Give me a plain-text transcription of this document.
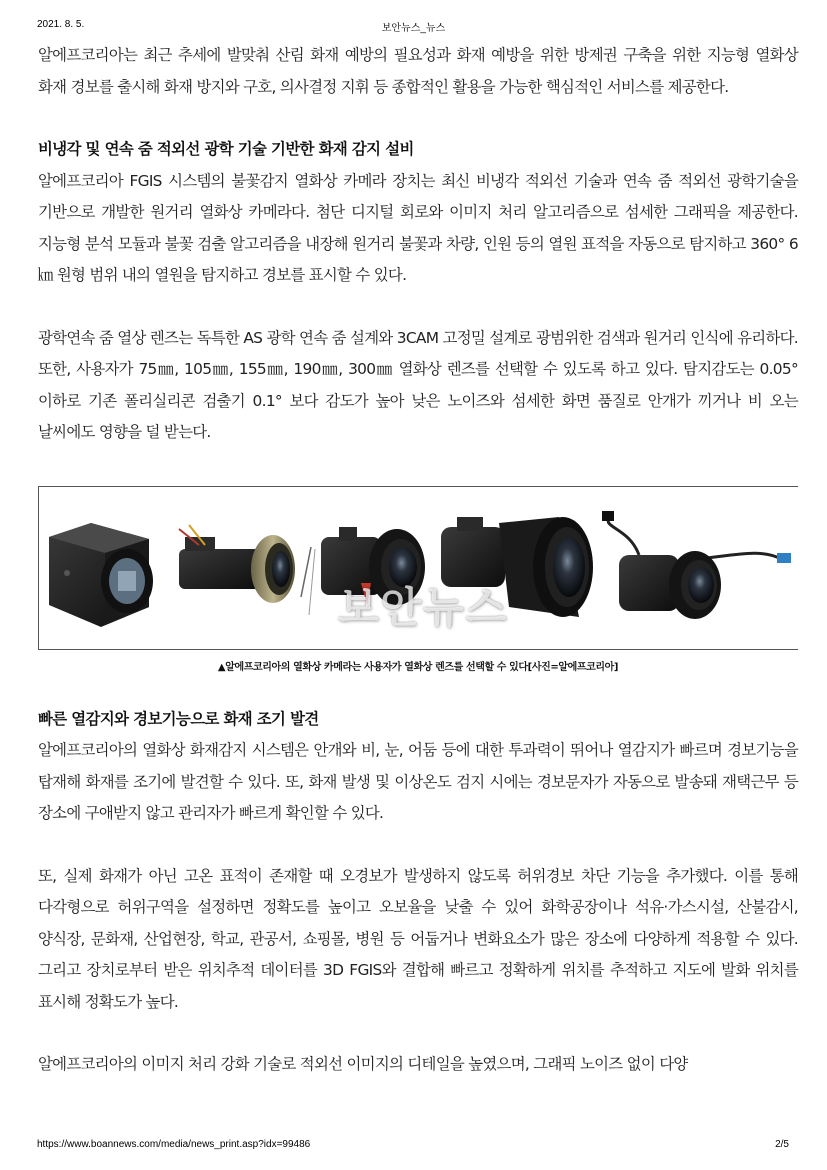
2021. 8. 5.	보안뉴스_뉴스

알에프코리아는 최근 추세에 발맞춰 산림 화재 예방의 필요성과 화재 예방을 위한 방제권 구축을 위한 지능형 열화상 화재 경보를 출시해 화재 방지와 구호, 의사결정 지휘 등 종합적인 활용을 가능한 핵심적인 서비스를 제공한다.

비냉각 및 연속 줌 적외선 광학 기술 기반한 화재 감지 설비

알에프코리아 FGIS 시스템의 불꽃감지 열화상 카메라 장치는 최신 비냉각 적외선 기술과 연속 줌 적외선 광학기술을 기반으로 개발한 원거리 열화상 카메라다. 첨단 디지털 회로와 이미지 처리 알고리즘으로 섬세한 그래픽을 제공한다. 지능형 분석 모듈과 불꽃 검출 알고리즘을 내장해 원거리 불꽃과 차량, 인원 등의 열원 표적을 자동으로 탐지하고 360° 6㎞ 원형 범위 내의 열원을 탐지하고 경보를 표시할 수 있다.

광학연속 줌 열상 렌즈는 독특한 AS 광학 연속 줌 설계와 3CAM 고정밀 설계로 광범위한 검색과 원거리 인식에 유리하다. 또한, 사용자가 75㎜, 105㎜, 155㎜, 190㎜, 300㎜ 열화상 렌즈를 선택할 수 있도록 하고 있다. 탐지감도는 0.05° 이하로 기존 폴리실리콘 검출기 0.1° 보다 감도가 높아 낮은 노이즈와 섬세한 화면 품질로 안개가 끼거나 비 오는 날씨에도 영향을 덜 받는다.

보안뉴스
▲알에프코리아의 열화상 카메라는 사용자가 열화상 렌즈를 선택할 수 있다[사진=알에프코리아]

빠른 열감지와 경보기능으로 화재 조기 발견

알에프코리아의 열화상 화재감지 시스템은 안개와 비, 눈, 어둠 등에 대한 투과력이 뛰어나 열감지가 빠르며 경보기능을 탑재해 화재를 조기에 발견할 수 있다. 또, 화재 발생 및 이상온도 검지 시에는 경보문자가 자동으로 발송돼 재택근무 등 장소에 구애받지 않고 관리자가 빠르게 확인할 수 있다.

또, 실제 화재가 아닌 고온 표적이 존재할 때 오경보가 발생하지 않도록 허위경보 차단 기능을 추가했다. 이를 통해 다각형으로 허위구역을 설정하면 정확도를 높이고 오보율을 낮출 수 있어 화학공장이나 석유·가스시설, 산불감시, 양식장, 문화재, 산업현장, 학교, 관공서, 쇼핑몰, 병원 등 어둡거나 변화요소가 많은 장소에 다양하게 적용할 수 있다. 그리고 장치로부터 받은 위치추적 데이터를 3D FGIS와 결합해 빠르고 정확하게 위치를 추적하고 지도에 발화 위치를 표시해 정확도가 높다.

알에프코리아의 이미지 처리 강화 기술로 적외선 이미지의 디테일을 높였으며, 그래픽 노이즈 없이 다양

https://www.boannews.com/media/news_print.asp?idx=99486	2/5
